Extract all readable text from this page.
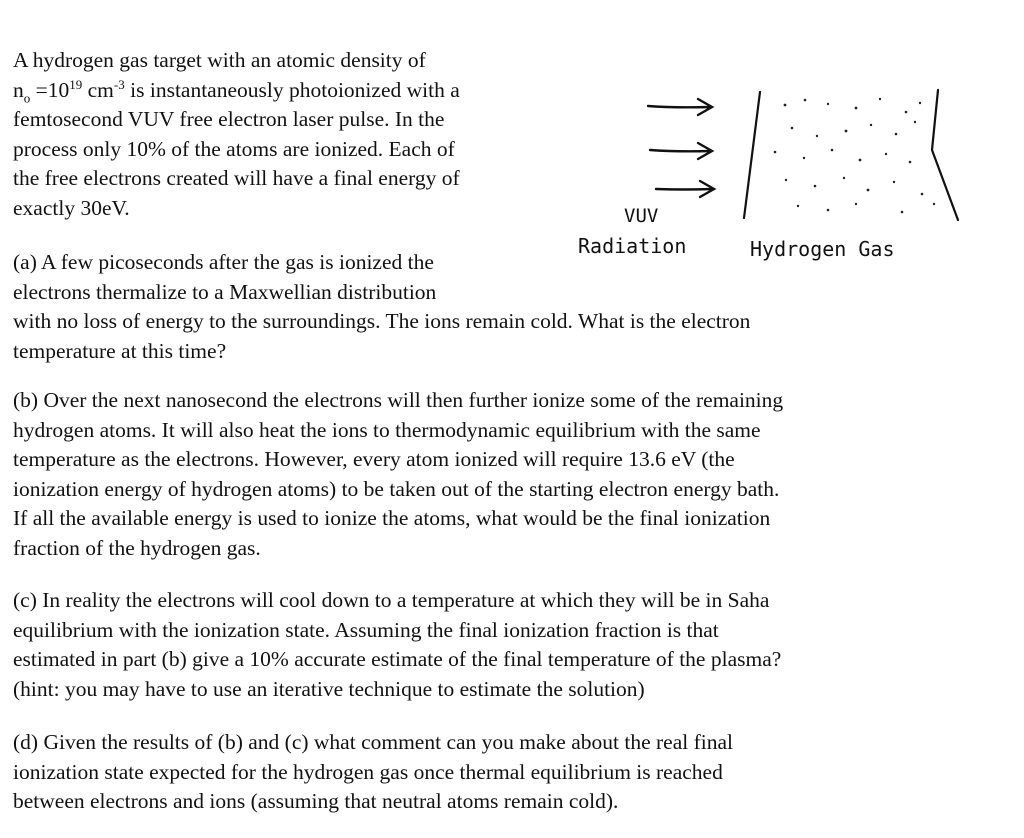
A hydrogen gas target with an atomic density of
$n_o =10^{19}$ $cm^{-3}$ is instantaneously photoionized with a
femtosecond VUV free electron laser pulse. In the
process only 10% of the atoms are ionized. Each of
the free electrons created will have a final energy of
exactly 30eV.	VUV
Radiation	Hydrogen Gas
(a) A few picoseconds after the gas is ionized the
electrons thermalize to a Maxwellian distribution
with no loss of energy to the surroundings. The ions remain cold. What is the electron
temperature at this time?
(b) Over the next nanosecond the electrons will then further ionize some of the remaining
hydrogen atoms. It will also heat the ions to thermodynamic equilibrium with the same
temperature as the electrons. However, every atom ionized will require 13.6 eV (the
ionization energy of hydrogen atoms) to be taken out of the starting electron energy bath.
If all the available energy is used to ionize the atoms, what would be the final ionization
fraction of the hydrogen gas.
(c) In reality the electrons will cool down to a temperature at which they will be in Saha
equilibrium with the ionization state. Assuming the final ionization fraction is that
estimated in part (b) give a 10% accurate estimate of the final temperature of the plasma?
(hint: you may have to use an iterative technique to estimate the solution)
(d) Given the results of (b) and (c) what comment can you make about the real final
ionization state expected for the hydrogen gas once thermal equilibrium is reached
between electrons and ions (assuming that neutral atoms remain cold).
